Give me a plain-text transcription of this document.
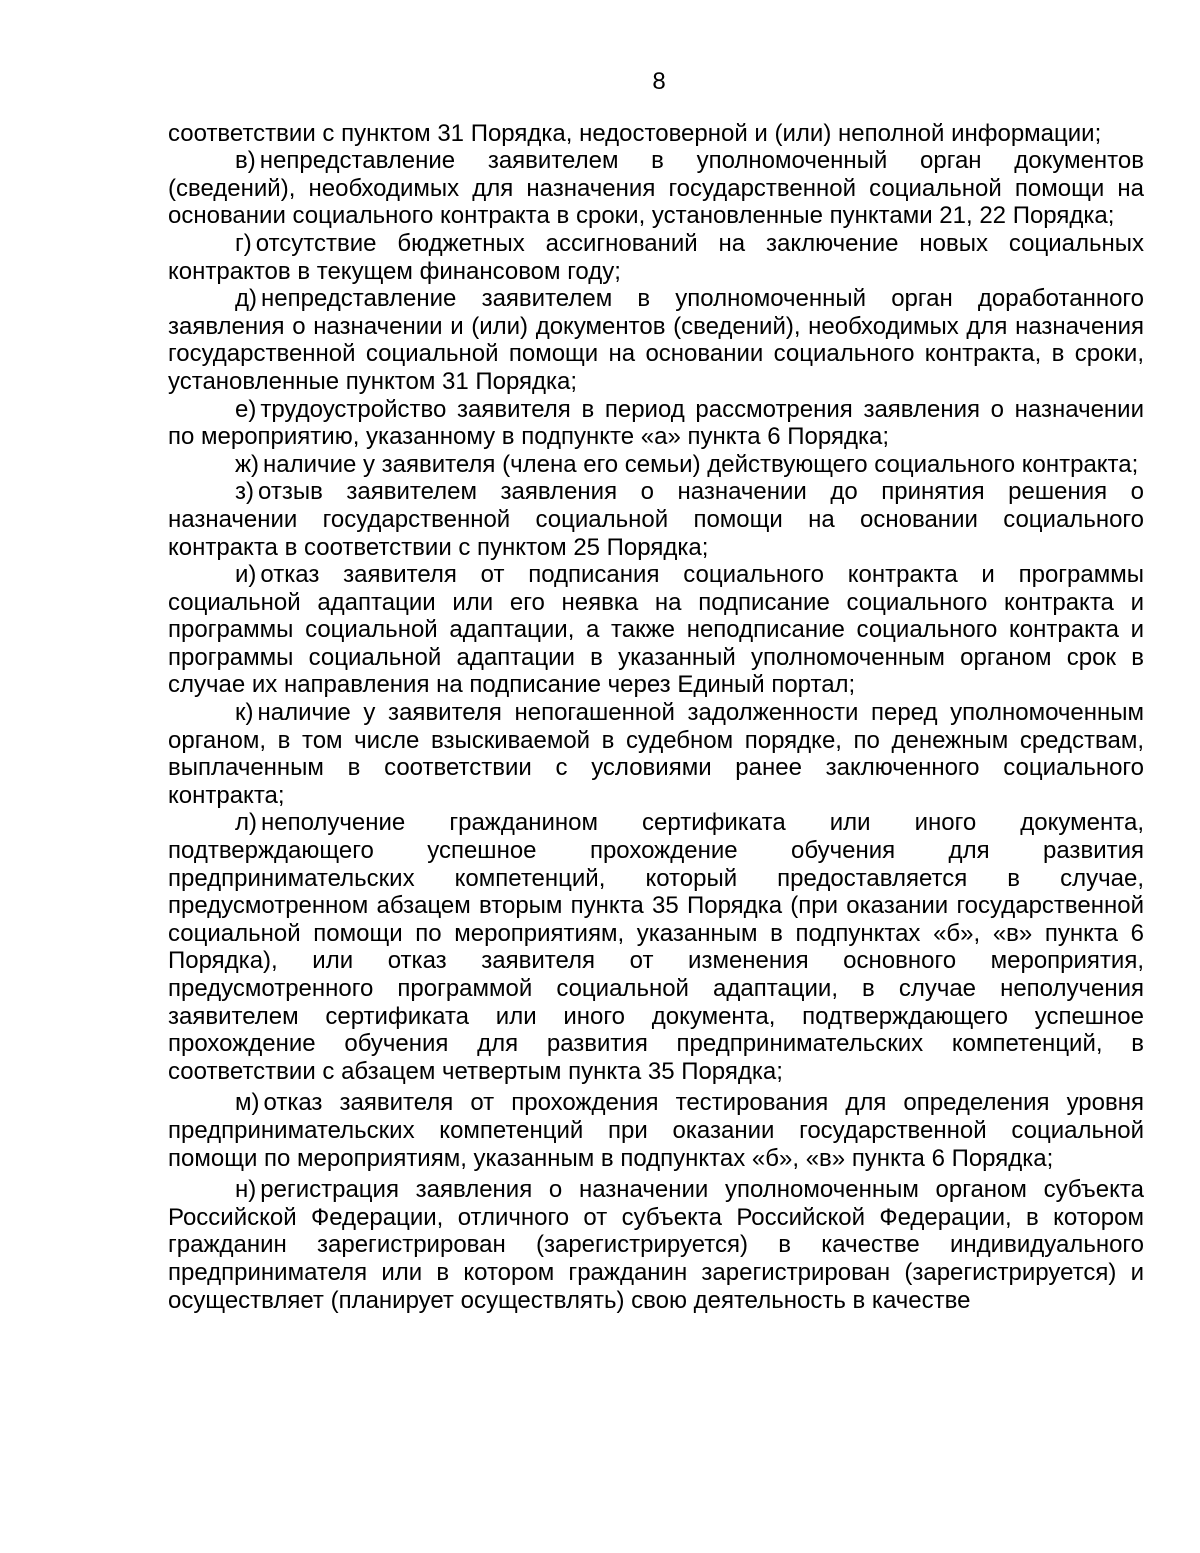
8

соответствии с пунктом 31 Порядка, недостоверной и (или) неполной информации;

в) непредставление заявителем в уполномоченный орган документов (сведений), необходимых для назначения государственной социальной помощи на основании социального контракта в сроки, установленные пунктами 21, 22 Порядка;

г) отсутствие бюджетных ассигнований на заключение новых социальных контрактов в текущем финансовом году;

д) непредставление заявителем в уполномоченный орган доработанного заявления о назначении и (или) документов (сведений), необходимых для назначения государственной социальной помощи на основании социального контракта, в сроки, установленные пунктом 31 Порядка;

е) трудоустройство заявителя в период рассмотрения заявления о назначении по мероприятию, указанному в подпункте «а» пункта 6 Порядка;

ж) наличие у заявителя (члена его семьи) действующего социального контракта;

з) отзыв заявителем заявления о назначении до принятия решения о назначении государственной социальной помощи на основании социального контракта в соответствии с пунктом 25 Порядка;

и) отказ заявителя от подписания социального контракта и программы социальной адаптации или его неявка на подписание социального контракта и программы социальной адаптации, а также неподписание социального контракта и программы социальной адаптации в указанный уполномоченным органом срок в случае их направления на подписание через Единый портал;

к) наличие у заявителя непогашенной задолженности перед уполномоченным органом, в том числе взыскиваемой в судебном порядке, по денежным средствам, выплаченным в соответствии с условиями ранее заключенного социального контракта;

л) неполучение гражданином сертификата или иного документа, подтверждающего успешное прохождение обучения для развития предпринимательских компетенций, который предоставляется в случае, предусмотренном абзацем вторым пункта 35 Порядка (при оказании государственной социальной помощи по мероприятиям, указанным в подпунктах «б», «в» пункта 6 Порядка), или отказ заявителя от изменения основного мероприятия, предусмотренного программой социальной адаптации, в случае неполучения заявителем сертификата или иного документа, подтверждающего успешное прохождение обучения для развития предпринимательских компетенций, в соответствии с абзацем четвертым пункта 35 Порядка;

м) отказ заявителя от прохождения тестирования для определения уровня предпринимательских компетенций при оказании государственной социальной помощи по мероприятиям, указанным в подпунктах «б», «в» пункта 6 Порядка;

н) регистрация заявления о назначении уполномоченным органом субъекта Российской Федерации, отличного от субъекта Российской Федерации, в котором гражданин зарегистрирован (зарегистрируется) в качестве индивидуального предпринимателя или в котором гражданин зарегистрирован (зарегистрируется) и осуществляет (планирует осуществлять) свою деятельность в качестве
